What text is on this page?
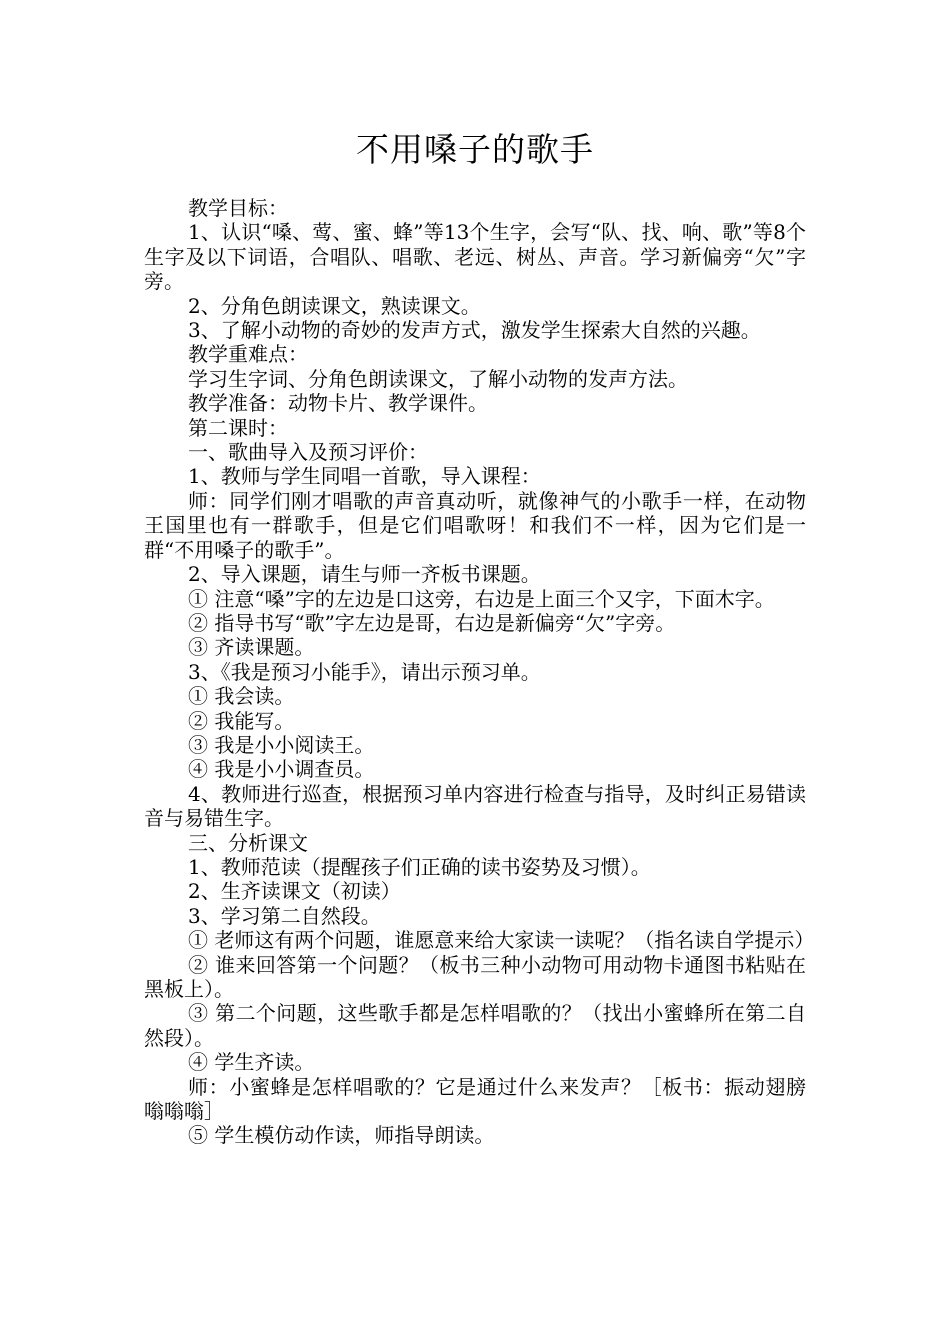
不用嗓子的歌手

教学目标：

1、认识“嗓、莺、蜜、蜂”等13个生字，会写“队、找、响、歌”等8个生字及以下词语，合唱队、唱歌、老远、树丛、声音。学习新偏旁“欠”字旁。

2、分角色朗读课文，熟读课文。

3、了解小动物的奇妙的发声方式，激发学生探索大自然的兴趣。

教学重难点：

学习生字词、分角色朗读课文，了解小动物的发声方法。

教学准备：动物卡片、教学课件。

第二课时：

一、歌曲导入及预习评价：

1、教师与学生同唱一首歌，导入课程：

师：同学们刚才唱歌的声音真动听，就像神气的小歌手一样，在动物王国里也有一群歌手，但是它们唱歌呀！和我们不一样，因为它们是一群“不用嗓子的歌手”。

2、导入课题，请生与师一齐板书课题。

① 注意“嗓”字的左边是口这旁，右边是上面三个又字，下面木字。

② 指导书写“歌”字左边是哥，右边是新偏旁“欠”字旁。

③ 齐读课题。

3、《我是预习小能手》，请出示预习单。

① 我会读。

② 我能写。

③ 我是小小阅读王。

④ 我是小小调查员。

4、教师进行巡查，根据预习单内容进行检查与指导，及时纠正易错读音与易错生字。

三、分析课文

1、教师范读（提醒孩子们正确的读书姿势及习惯）。

2、生齐读课文（初读）

3、学习第二自然段。

① 老师这有两个问题，谁愿意来给大家读一读呢？（指名读自学提示）

② 谁来回答第一个问题？（板书三种小动物可用动物卡通图书粘贴在黑板上）。

③ 第二个问题，这些歌手都是怎样唱歌的？（找出小蜜蜂所在第二自然段）。

④ 学生齐读。

师：小蜜蜂是怎样唱歌的？它是通过什么来发声？［板书：振动翅膀嗡嗡嗡］

⑤ 学生模仿动作读，师指导朗读。
